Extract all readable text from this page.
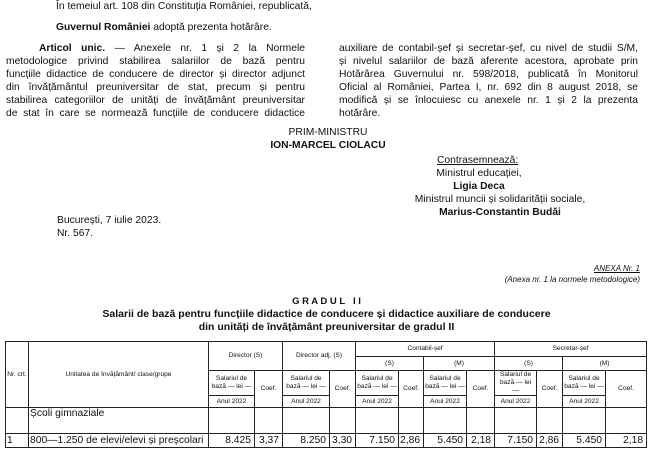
În temeiul art. 108 din Constituția României, republicată,
Guvernul României adoptă prezenta hotărâre.
Articol unic. — Anexele nr. 1 și 2 la Normele
metodologice privind stabilirea salariilor de bază pentru
funcțiile didactice de conducere de director și director adjunct
din învățământul preuniversitar de stat, precum și pentru
stabilirea categoriilor de unități de învățământ preuniversitar
de stat în care se normează funcțiile de conducere didactice
auxiliare de contabil-șef și secretar-șef, cu nivel de studii S/M,
și nivelul salariilor de bază aferente acestora, aprobate prin
Hotărârea Guvernului nr. 598/2018, publicată în Monitorul
Oficial al României, Partea I, nr. 692 din 8 august 2018, se
modifică și se înlocuiesc cu anexele nr. 1 și 2 la prezenta
hotărâre.
PRIM-MINISTRU
ION-MARCEL CIOLACU
Contrasemnează:
Ministrul educației,
Ligia Deca
Ministrul muncii și solidarității sociale,
Marius-Constantin Budăi
București, 7 iulie 2023.
Nr. 567.
ANEXA Nr. 1
(Anexa nr. 1 la normele metodologice)
G R A D U L   I I
Salarii de bază pentru funcțiile didactice de conducere și didactice auxiliare de conducere
din unități de învățământ preuniversitar de gradul II
Nr. crt.	Unitatea de învățământ/ clase/grupe	Director (S)		Director adj. (S)		Contabil-șef				Secretar-șef			
						(S)		(M)		(S)		(M)	
		Salariul de bază — lei —	Coef.	Salariul de bază — lei —	Coef.	Salariul de bază — lei —	Coef.	Salariul de bază — lei —	Coef.	Salariul de bază — lei —	Coef.	Salariul de bază — lei —	Coef.
		Anul 2022		Anul 2022		Anul 2022		Anul 2022		Anul 2022		Anul 2022	
	Școli gimnaziale												
1	800—1.250 de elevi/elevi și preșcolari	8.425	3,37	8.250	3,30	7.150	2,86	5.450	2,18	7.150	2,86	5.450	2,18
